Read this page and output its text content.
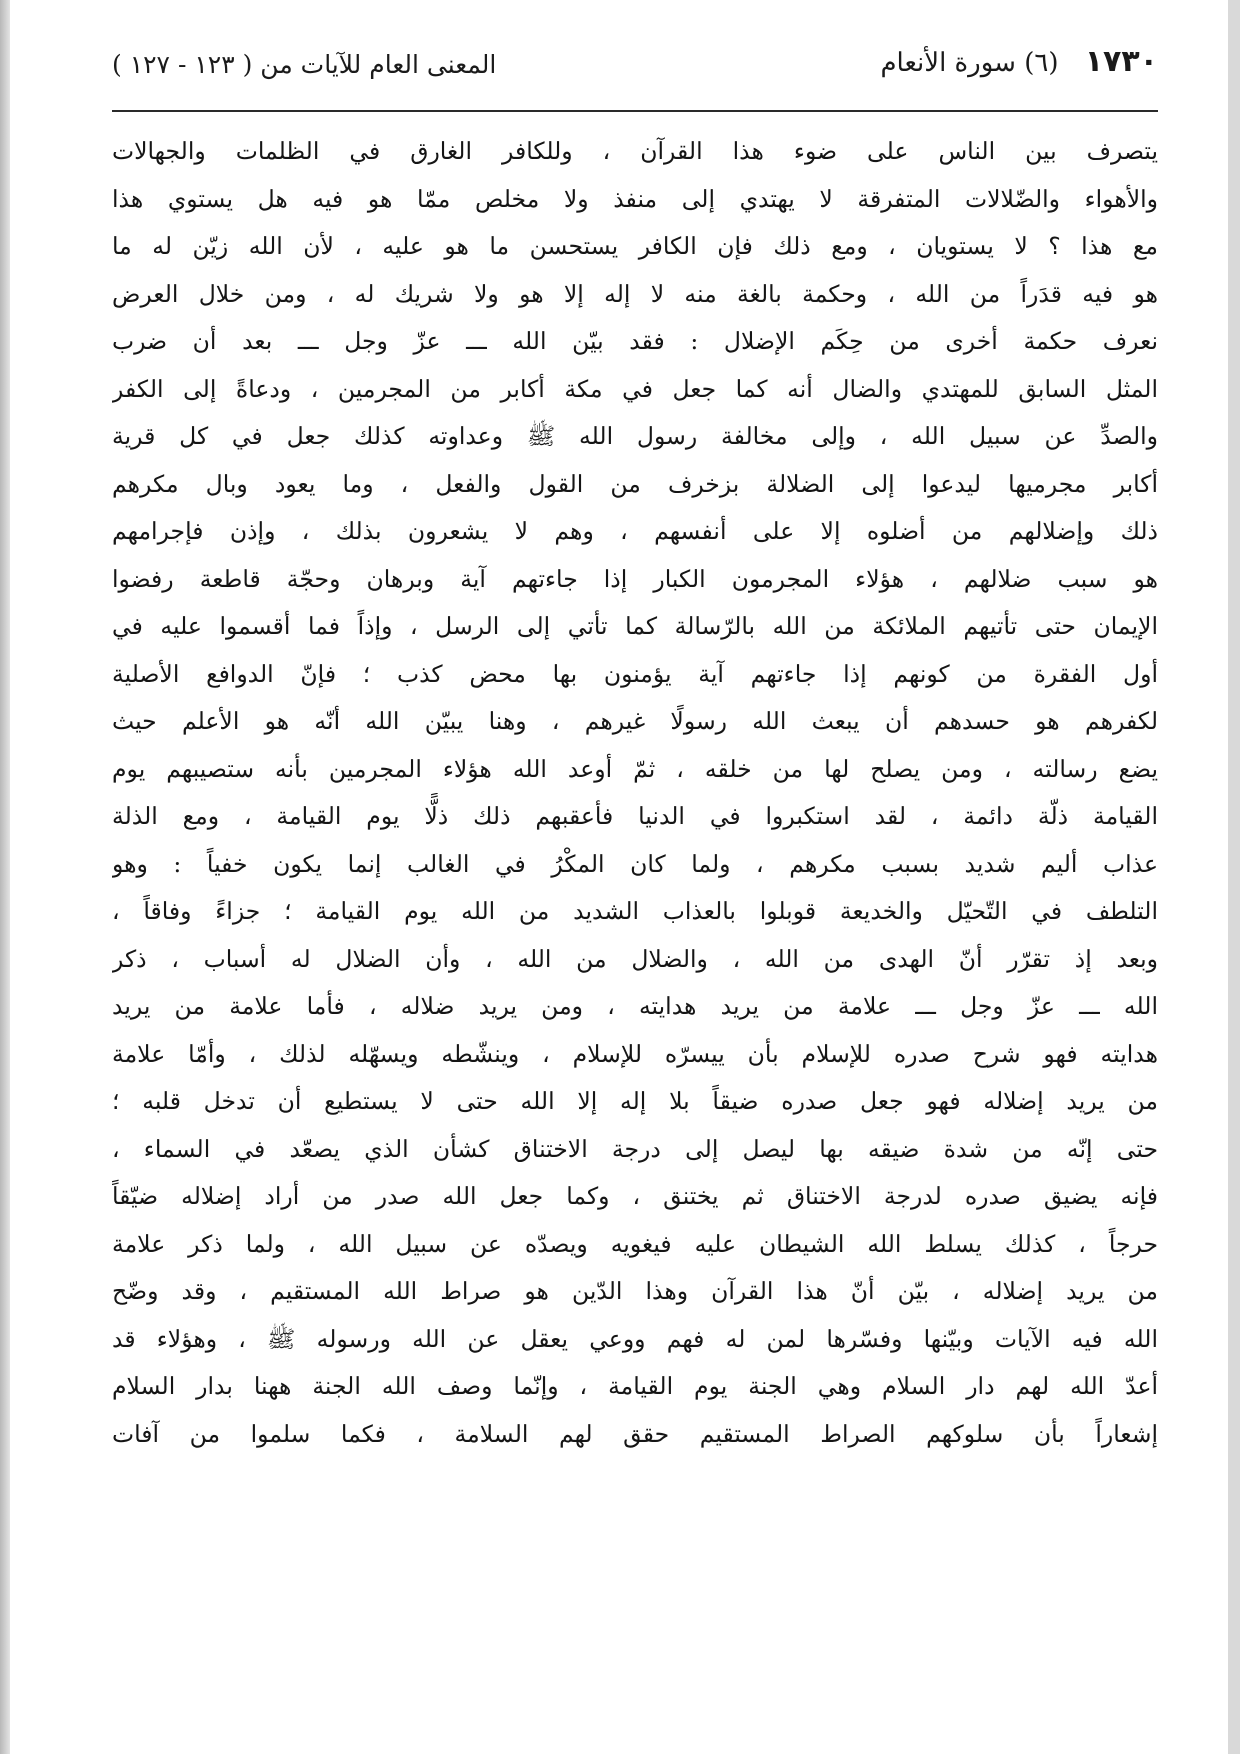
١٧٣٠ (٦) سورة الأنعام
المعنى العام للآيات من ( ١٢٣ - ١٢٧ )
يتصرف بين الناس على ضوء هذا القرآن ، وللكافر الغارق في الظلمات والجهالات
والأهواء والضّلالات المتفرقة لا يهتدي إلى منفذ ولا مخلص ممّا هو فيه هل يستوي هذا
مع هذا ؟ لا يستويان ، ومع ذلك فإن الكافر يستحسن ما هو عليه ، لأن الله زيّن له ما
هو فيه قدَراً من الله ، وحكمة بالغة منه لا إله إلا هو ولا شريك له ، ومن خلال العرض
نعرف حكمة أخرى من حِكَم الإضلال : فقد بيّن الله ـــ عزّ وجل ـــ بعد أن ضرب
المثل السابق للمهتدي والضال أنه كما جعل في مكة أكابر من المجرمين ، ودعاةً إلى الكفر
والصدِّ عن سبيل الله ، وإلى مخالفة رسول الله ﷺ وعداوته كذلك جعل في كل قرية
أكابر مجرميها ليدعوا إلى الضلالة بزخرف من القول والفعل ، وما يعود وبال مكرهم
ذلك وإضلالهم من أضلوه إلا على أنفسهم ، وهم لا يشعرون بذلك ، وإذن فإجرامهم
هو سبب ضلالهم ، هؤلاء المجرمون الكبار إذا جاءتهم آية وبرهان وحجّة قاطعة رفضوا
الإيمان حتى تأتيهم الملائكة من الله بالرّسالة كما تأتي إلى الرسل ، وإذاً فما أقسموا عليه في
أول الفقرة من كونهم إذا جاءتهم آية يؤمنون بها محض كذب ؛ فإنّ الدوافع الأصلية
لكفرهم هو حسدهم أن يبعث الله رسولًا غيرهم ، وهنا يبيّن الله أنّه هو الأعلم حيث
يضع رسالته ، ومن يصلح لها من خلقه ، ثمّ أوعد الله هؤلاء المجرمين بأنه ستصيبهم يوم
القيامة ذلّة دائمة ، لقد استكبروا في الدنيا فأعقبهم ذلك ذلًّا يوم القيامة ، ومع الذلة
عذاب أليم شديد بسبب مكرهم ، ولما كان المكْرُ في الغالب إنما يكون خفياً : وهو
التلطف في التّحيّل والخديعة قوبلوا بالعذاب الشديد من الله يوم القيامة ؛ جزاءً وفاقاً ،
وبعد إذ تقرّر أنّ الهدى من الله ، والضلال من الله ، وأن الضلال له أسباب ، ذكر
الله ـــ عزّ وجل ـــ علامة من يريد هدايته ، ومن يريد ضلاله ، فأما علامة من يريد
هدايته فهو شرح صدره للإسلام بأن ييسرّه للإسلام ، وينشّطه ويسهّله لذلك ، وأمّا علامة
من يريد إضلاله فهو جعل صدره ضيقاً بلا إله إلا الله حتى لا يستطيع أن تدخل قلبه ؛
حتى إنّه من شدة ضيقه بها ليصل إلى درجة الاختناق كشأن الذي يصعّد في السماء ،
فإنه يضيق صدره لدرجة الاختناق ثم يختنق ، وكما جعل الله صدر من أراد إضلاله ضيّقاً
حرجاً ، كذلك يسلط الله الشيطان عليه فيغويه ويصدّه عن سبيل الله ، ولما ذكر علامة
من يريد إضلاله ، بيّن أنّ هذا القرآن وهذا الدّين هو صراط الله المستقيم ، وقد وضّح
الله فيه الآيات وبيّنها وفسّرها لمن له فهم ووعي يعقل عن الله ورسوله ﷺ ، وهؤلاء قد
أعدّ الله لهم دار السلام وهي الجنة يوم القيامة ، وإنّما وصف الله الجنة ههنا بدار السلام
إشعاراً بأن سلوكهم الصراط المستقيم حقق لهم السلامة ، فكما سلموا من آفات
